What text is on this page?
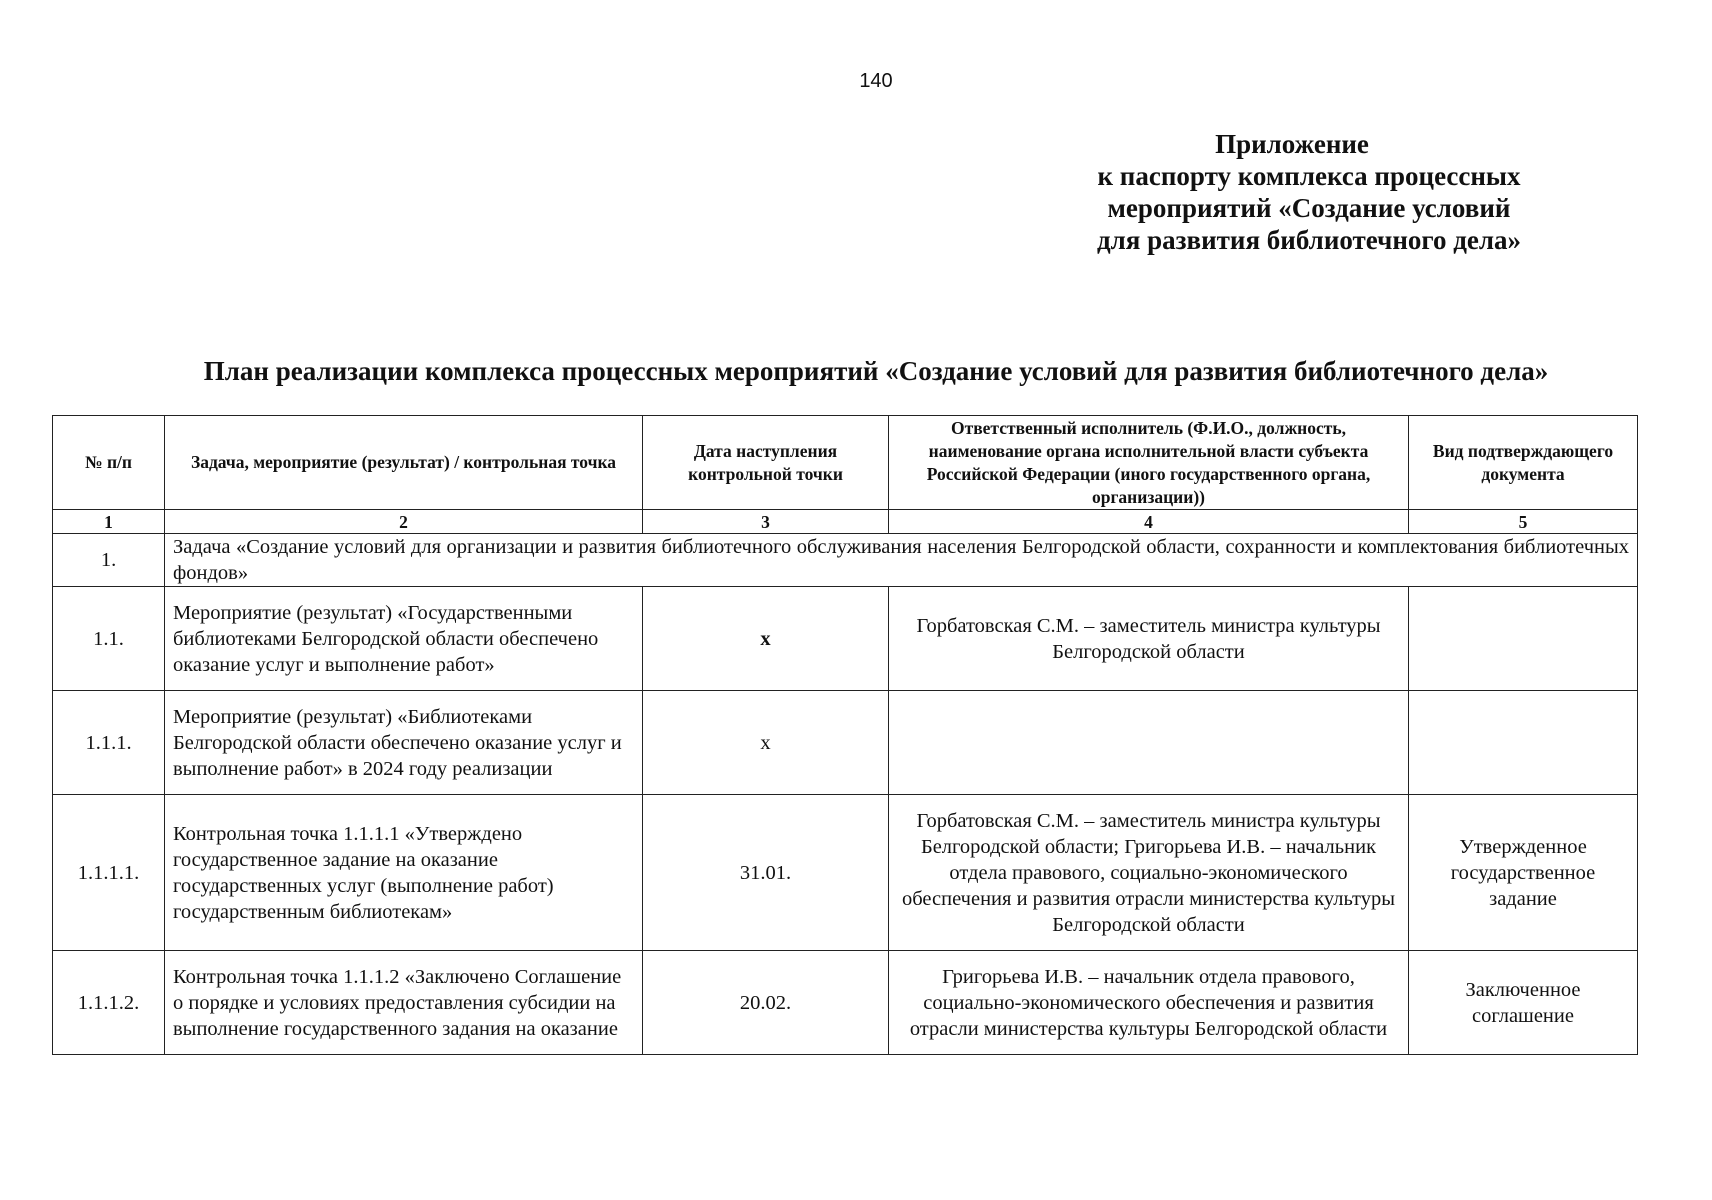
140
Приложение
к паспорту комплекса процессных
мероприятий «Создание условий
для развития библиотечного дела»
План реализации комплекса процессных мероприятий «Создание условий для развития библиотечного дела»
№ п/п	Задача, мероприятие (результат) / контрольная точка	Дата наступления контрольной точки	Ответственный исполнитель (Ф.И.О., должность, наименование органа исполнительной власти субъекта Российской Федерации (иного государственного органа, организации))	Вид подтверждающего документа
1	2	3	4	5
1.	Задача «Создание условий для организации и развития библиотечного обслуживания населения Белгородской области, сохранности и комплектования библиотечных фондов»			
1.1.	Мероприятие (результат) «Государственными библиотеками Белгородской области обеспечено оказание услуг и выполнение работ»	х	Горбатовская С.М. – заместитель министра культуры Белгородской области	
1.1.1.	Мероприятие (результат) «Библиотеками Белгородской области обеспечено оказание услуг и выполнение работ» в 2024 году реализации	х		
1.1.1.1.	Контрольная точка 1.1.1.1 «Утверждено государственное задание на оказание государственных услуг (выполнение работ) государственным библиотекам»	31.01.	Горбатовская С.М. – заместитель министра культуры Белгородской области; Григорьева И.В. – начальник отдела правового, социально-экономического обеспечения и развития отрасли министерства культуры Белгородской области	Утвержденное государственное задание
1.1.1.2.	Контрольная точка 1.1.1.2 «Заключено Соглашение о порядке и условиях предоставления субсидии на выполнение государственного задания на оказание	20.02.	Григорьева И.В. – начальник отдела правового, социально-экономического обеспечения и развития отрасли министерства культуры Белгородской области	Заключенное соглашение
